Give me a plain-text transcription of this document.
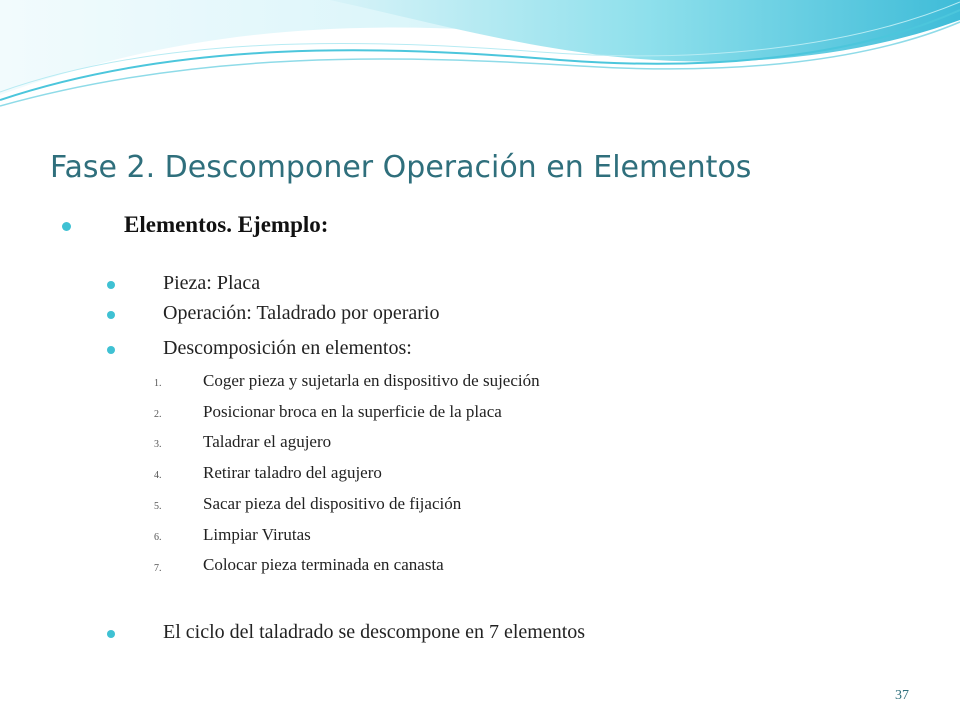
Fase 2. Descomponer Operación en Elementos
Elementos. Ejemplo:
Pieza: Placa
Operación: Taladrado por operario
Descomposición en elementos:
1. Coger pieza y sujetarla en dispositivo de sujeción
2. Posicionar broca en la superficie de la placa
3. Taladrar el agujero
4. Retirar taladro del agujero
5. Sacar pieza del dispositivo de fijación
6. Limpiar Virutas
7. Colocar pieza terminada en canasta
El ciclo del taladrado se descompone en 7 elementos
37
